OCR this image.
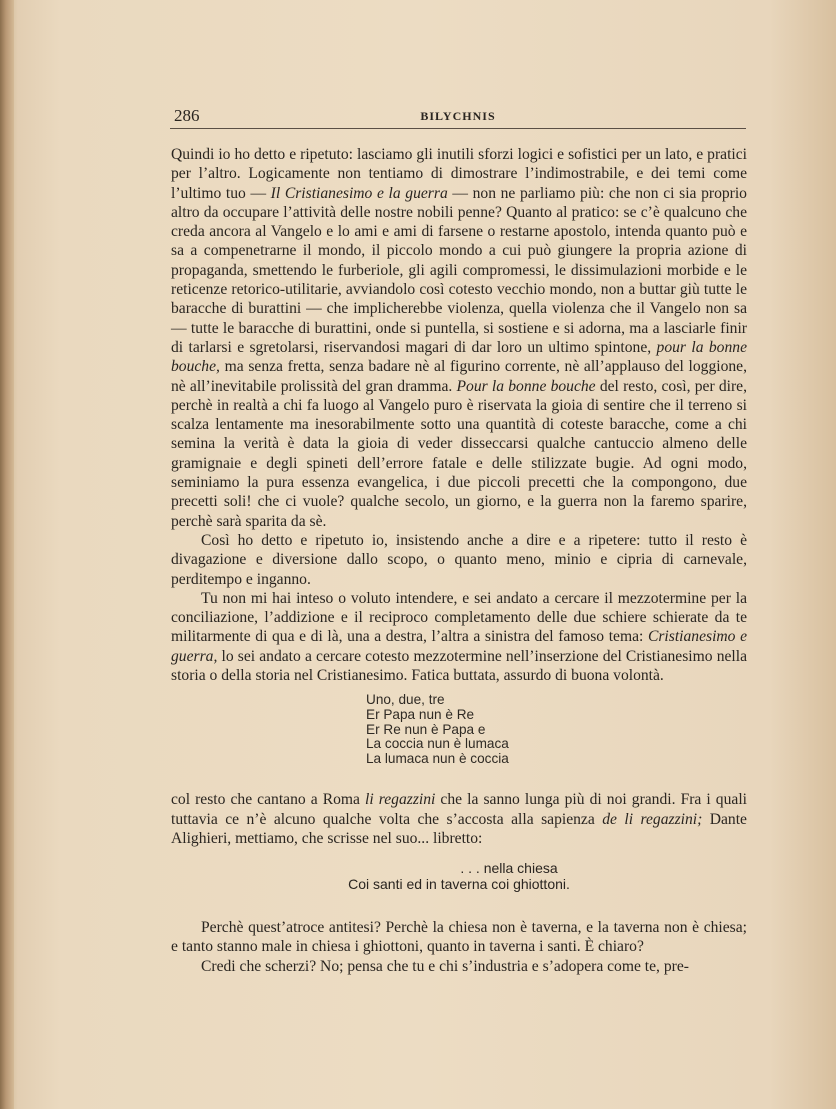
286	BILYCHNIS

Quindi io ho detto e ripetuto: lasciamo gli inutili sforzi logici e sofistici per un lato, e pratici per l’altro. Logicamente non tentiamo di dimostrare l’indimostrabile, e dei temi come l’ultimo tuo — Il Cristianesimo e la guerra — non ne parliamo più: che non ci sia proprio altro da occupare l’attività delle nostre nobili penne? Quanto al pratico: se c’è qualcuno che creda ancora al Vangelo e lo ami e ami di farsene o restarne apostolo, intenda quanto può e sa a compenetrarne il mondo, il piccolo mondo a cui può giungere la propria azione di propaganda, smettendo le furberiole, gli agili compromessi, le dissimulazioni morbide e le reticenze retorico-utilitarie, avviandolo così cotesto vecchio mondo, non a buttar giù tutte le baracche di burattini — che implicherebbe violenza, quella violenza che il Vangelo non sa — tutte le baracche di burattini, onde si puntella, si sostiene e si adorna, ma a lasciarle finir di tarlarsi e sgretolarsi, riservandosi magari di dar loro un ultimo spintone, pour la bonne bouche, ma senza fretta, senza badare nè al figurino corrente, nè all’applauso del loggione, nè all’inevitabile prolissità del gran dramma. Pour la bonne bouche del resto, così, per dire, perchè in realtà a chi fa luogo al Vangelo puro è riservata la gioia di sentire che il terreno si scalza lentamente ma inesorabilmente sotto una quantità di coteste baracche, come a chi semina la verità è data la gioia di veder disseccarsi qualche cantuccio almeno delle gramignaie e degli spineti dell’errore fatale e delle stilizzate bugie. Ad ogni modo, seminiamo la pura essenza evangelica, i due piccoli precetti che la compongono, due precetti soli! che ci vuole? qualche secolo, un giorno, e la guerra non la faremo sparire, perchè sarà sparita da sè.

Così ho detto e ripetuto io, insistendo anche a dire e a ripetere: tutto il resto è divagazione e diversione dallo scopo, o quanto meno, minio e cipria di carnevale, perditempo e inganno.

Tu non mi hai inteso o voluto intendere, e sei andato a cercare il mezzotermine per la conciliazione, l’addizione e il reciproco completamento delle due schiere schierate da te militarmente di qua e di là, una a destra, l’altra a sinistra del famoso tema: Cristianesimo e guerra, lo sei andato a cercare cotesto mezzotermine nell’inserzione del Cristianesimo nella storia o della storia nel Cristianesimo. Fatica buttata, assurdo di buona volontà.

Uno, due, tre
Er Papa nun è Re
Er Re nun è Papa e
La coccia nun è lumaca
La lumaca nun è coccia

col resto che cantano a Roma li regazzini che la sanno lunga più di noi grandi. Fra i quali tuttavia ce n’è alcuno qualche volta che s’accosta alla sapienza de li regazzini; Dante Alighieri, mettiamo, che scrisse nel suo... libretto:

. . . nella chiesa
Coi santi ed in taverna coi ghiottoni.

Perchè quest’atroce antitesi? Perchè la chiesa non è taverna, e la taverna non è chiesa; e tanto stanno male in chiesa i ghiottoni, quanto in taverna i santi. È chiaro?

Credi che scherzi? No; pensa che tu e chi s’industria e s’adopera come te, pre-
